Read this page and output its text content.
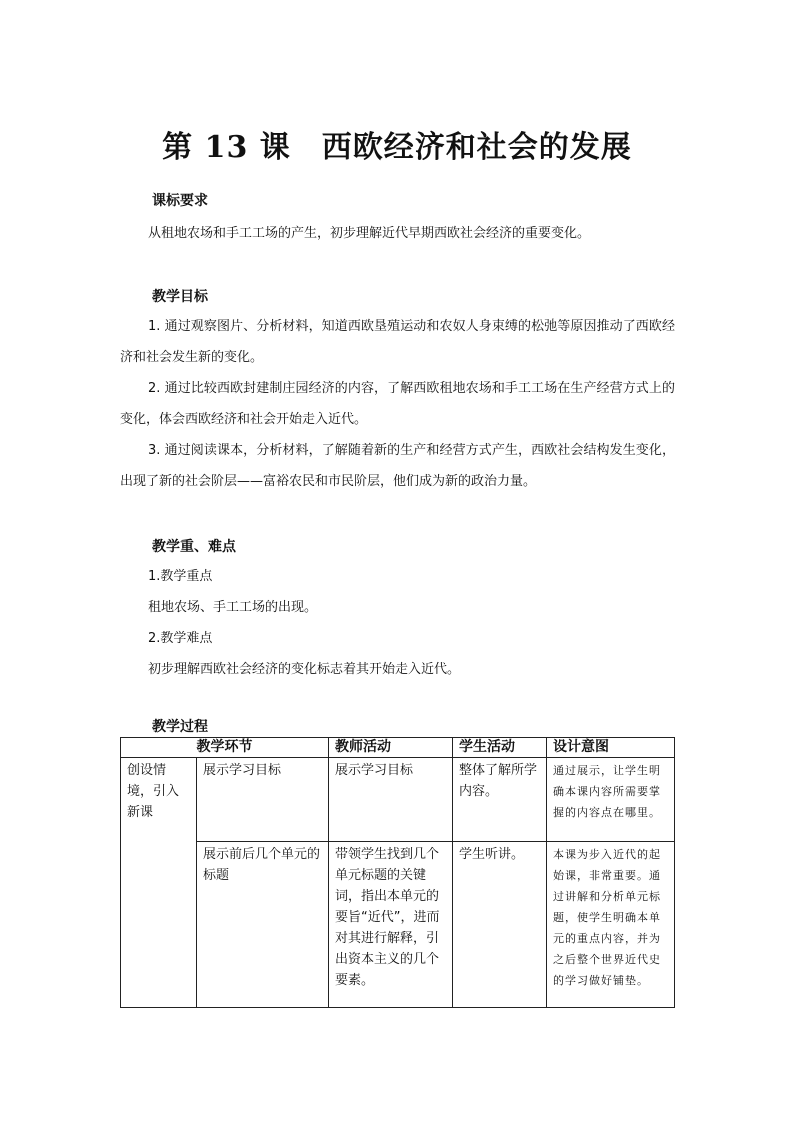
第 13 课　西欧经济和社会的发展
课标要求
从租地农场和手工工场的产生，初步理解近代早期西欧社会经济的重要变化。
教学目标

1. 通过观察图片、分析材料，知道西欧垦殖运动和农奴人身束缚的松弛等原因推动了西欧经济和社会发生新的变化。

2. 通过比较西欧封建制庄园经济的内容，了解西欧租地农场和手工工场在生产经营方式上的变化，体会西欧经济和社会开始走入近代。

3. 通过阅读课本，分析材料，了解随着新的生产和经营方式产生，西欧社会结构发生变化，出现了新的社会阶层——富裕农民和市民阶层，他们成为新的政治力量。

教学重、难点
1.教学重点
租地农场、手工工场的出现。
2.教学难点
初步理解西欧社会经济的变化标志着其开始走入近代。
教学过程
教学环节		教师活动	学生活动	设计意图
创设情境，引入新课	展示学习目标	展示学习目标	整体了解所学内容。	通过展示，让学生明确本课内容所需要掌握的内容点在哪里。
	展示前后几个单元的标题	带领学生找到几个单元标题的关键词，指出本单元的要旨“近代”，进而对其进行解释，引出资本主义的几个要素。	学生听讲。	本课为步入近代的起始课，非常重要。通过讲解和分析单元标题，使学生明确本单元的重点内容，并为之后整个世界近代史的学习做好铺垫。
